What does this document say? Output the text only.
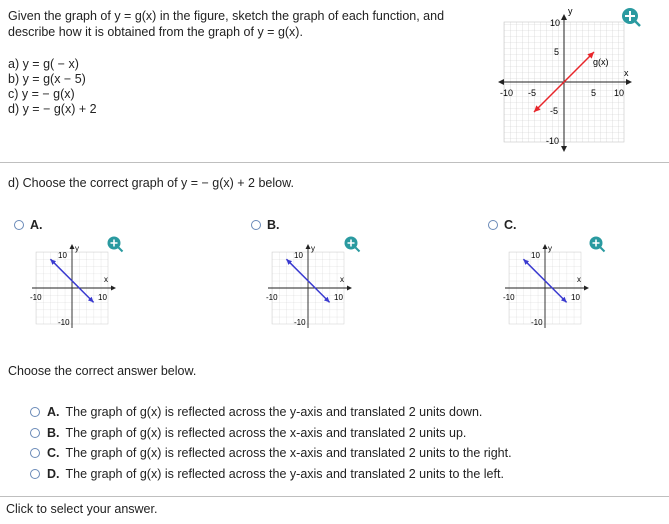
Given the graph of y = g(x) in the figure, sketch the graph of each function, and describe how it is obtained from the graph of y = g(x).
a) y = g( − x)
b) y = g(x − 5)
c) y = − g(x)
d) y = − g(x) + 2
y
10
5
-5
-10
-10 -5	5 10
x
g(x)
d) Choose the correct graph of y = − g(x) + 2 below.
A.	B.	C.
y
10
-10
-10	10
x
y
10
-10
-10	10
x
y
10
-10
-10	10
x
Choose the correct answer below.
A. The graph of g(x) is reflected across the y-axis and translated 2 units down.
B. The graph of g(x) is reflected across the x-axis and translated 2 units up.
C. The graph of g(x) is reflected across the x-axis and translated 2 units to the right.
D. The graph of g(x) is reflected across the y-axis and translated 2 units to the left.
Click to select your answer.
